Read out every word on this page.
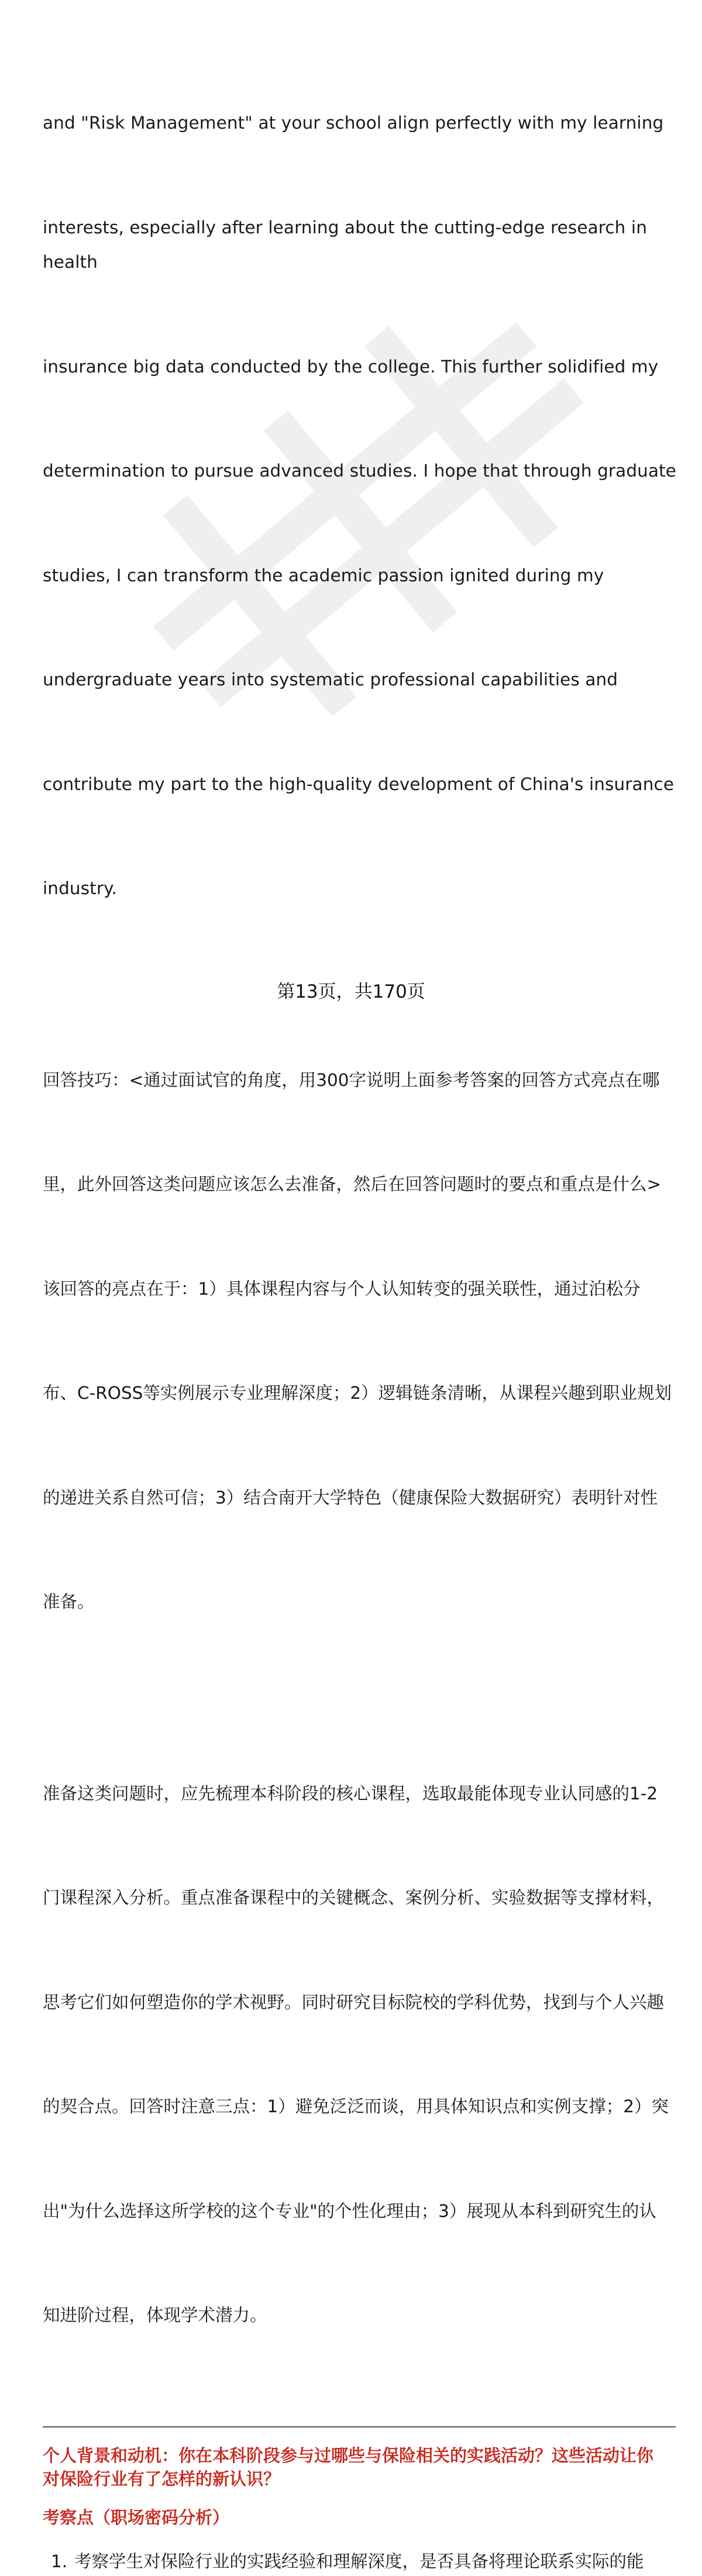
and "Risk Management" at your school align perfectly with my learning

interests, especially after learning about the cutting-edge research in health

insurance big data conducted by the college. This further solidified my

determination to pursue advanced studies. I hope that through graduate

studies, I can transform the academic passion ignited during my

undergraduate years into systematic professional capabilities and

contribute my part to the high-quality development of China's insurance

industry.

回答技巧：<通过面试官的角度，用300字说明上面参考答案的回答方式亮点在哪

里，此外回答这类问题应该怎么去准备，然后在回答问题时的要点和重点是什么>

该回答的亮点在于：1）具体课程内容与个人认知转变的强关联性，通过泊松分

布、C-ROSS等实例展示专业理解深度；2）逻辑链条清晰，从课程兴趣到职业规划

的递进关系自然可信；3）结合南开大学特色（健康保险大数据研究）表明针对性

准备。

准备这类问题时，应先梳理本科阶段的核心课程，选取最能体现专业认同感的1-2

门课程深入分析。重点准备课程中的关键概念、案例分析、实验数据等支撑材料，

思考它们如何塑造你的学术视野。同时研究目标院校的学科优势，找到与个人兴趣

的契合点。回答时注意三点：1）避免泛泛而谈，用具体知识点和实例支撑；2）突

出"为什么选择这所学校的这个专业"的个性化理由；3）展现从本科到研究生的认

知进阶过程，体现学术潜力。

个人背景和动机：你在本科阶段参与过哪些与保险相关的实践活动？这些活动让你
对保险行业有了怎样的新认识？
考察点（职场密码分析）
1. 考察学生对保险行业的实践经验和理解深度，是否具备将理论联系实际的能
第13页，共170页
